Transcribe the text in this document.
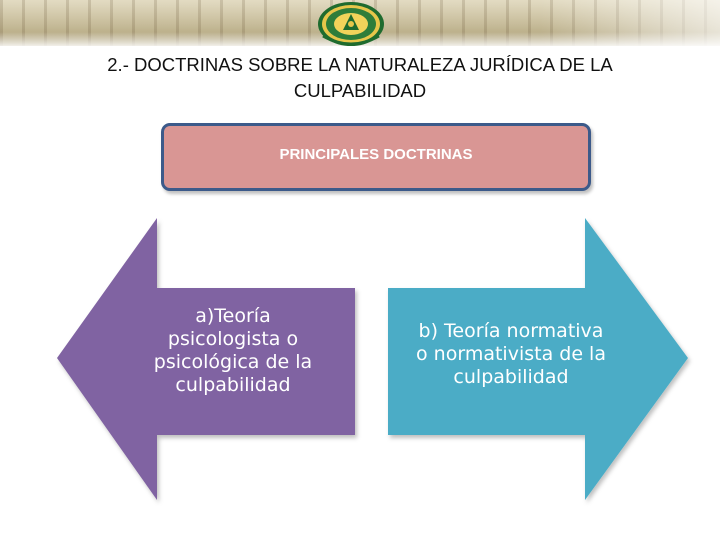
2.- DOCTRINAS SOBRE LA NATURALEZA JURÍDICA DE LA
CULPABILIDAD
PRINCIPALES DOCTRINAS
a)Teoría
psicologista o
psicológica de la
culpabilidad
b) Teoría normativa
o normativista de la
culpabilidad
